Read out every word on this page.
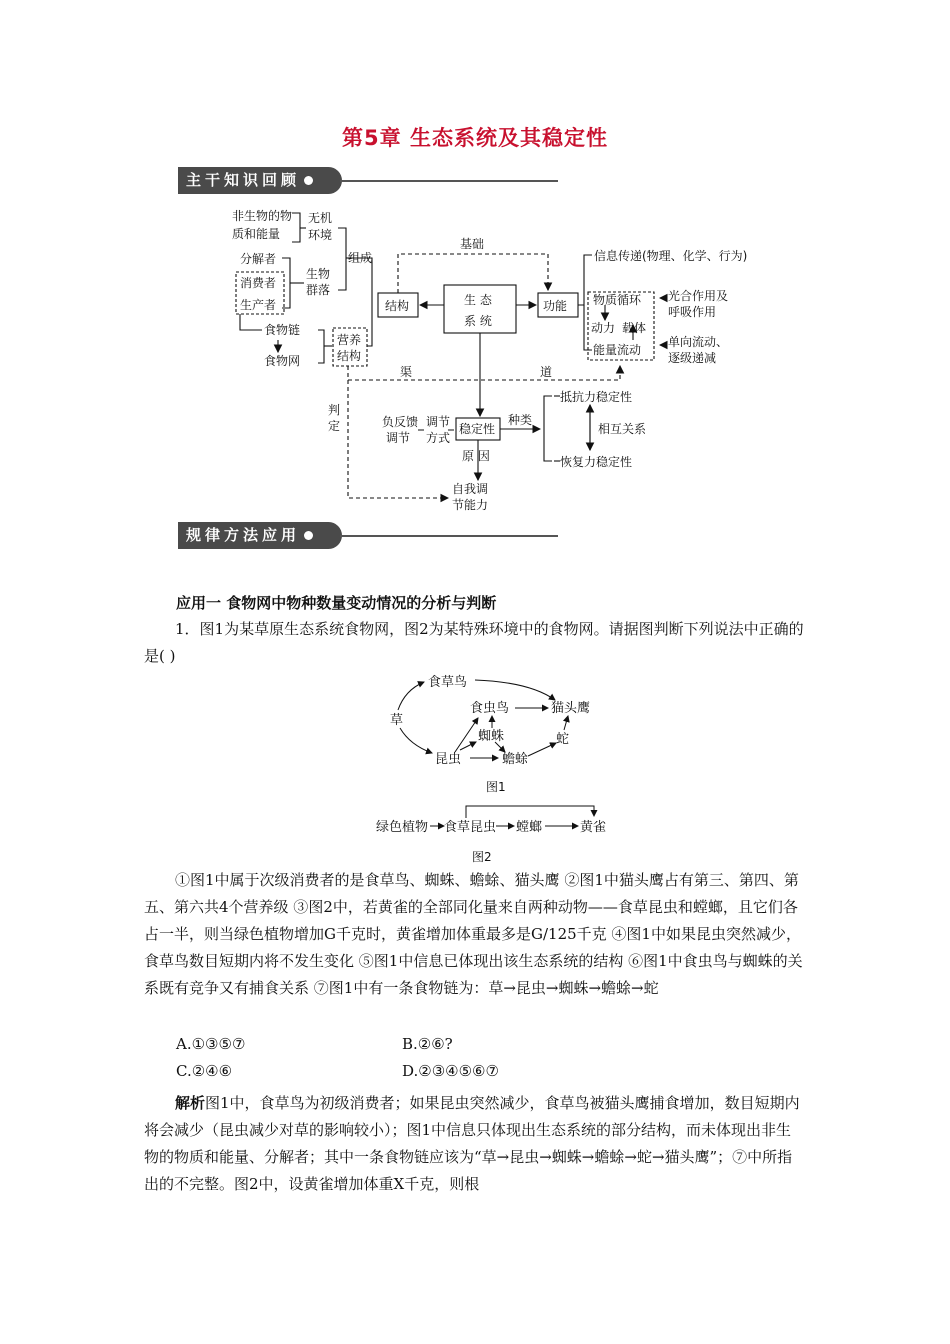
第5章 生态系统及其稳定性
主干知识回顾
非生物的物
质和能量
无机
环境
分解者
消费者
生产者
生物
群落
组成
基础
结构	生 态
系 统
功能
信息传递(物理、化学、行为)
物质循环 光合作用及
呼吸作用
动力 载体
能量流动
单向流动、
逐级递减
食物链
食物网
营养
结构
渠	道
判
定	负反馈
调节
调节
方式
稳定性
种类
抵抗力稳定性
相互关系
恢复力稳定性
原 因
自我调
节能力
规律方法应用
应用一 食物网中物种数量变动情况的分析与判断

1．图1为某草原生态系统食物网，图2为某特殊环境中的食物网。请据图判断下列说法中正确的是( )

食草鸟
草
食虫鸟	猫头鹰
蜘蛛	蛇
昆虫	蟾蜍
图1
绿色植物 食草昆虫 螳螂	黄雀
图2

①图1中属于次级消费者的是食草鸟、蜘蛛、蟾蜍、猫头鹰 ②图1中猫头鹰占有第三、第四、第五、第六共4个营养级 ③图2中，若黄雀的全部同化量来自两种动物——食草昆虫和螳螂，且它们各占一半，则当绿色植物增加G千克时，黄雀增加体重最多是G/125千克 ④图1中如果昆虫突然减少，食草鸟数目短期内将不发生变化 ⑤图1中信息已体现出该生态系统的结构 ⑥图1中食虫鸟与蜘蛛的关系既有竞争又有捕食关系 ⑦图1中有一条食物链为：草→昆虫→蜘蛛→蟾蜍→蛇

A.①③⑤⑦	B.②⑥?
C.②④⑥	D.②③④⑤⑥⑦

解析图1中，食草鸟为初级消费者；如果昆虫突然减少，食草鸟被猫头鹰捕食增加，数目短期内将会减少（昆虫减少对草的影响较小）；图1中信息只体现出生态系统的部分结构，而未体现出非生物的物质和能量、分解者；其中一条食物链应该为“草→昆虫→蜘蛛→蟾蜍→蛇→猫头鹰”；⑦中所指出的不完整。图2中，设黄雀增加体重X千克，则根
